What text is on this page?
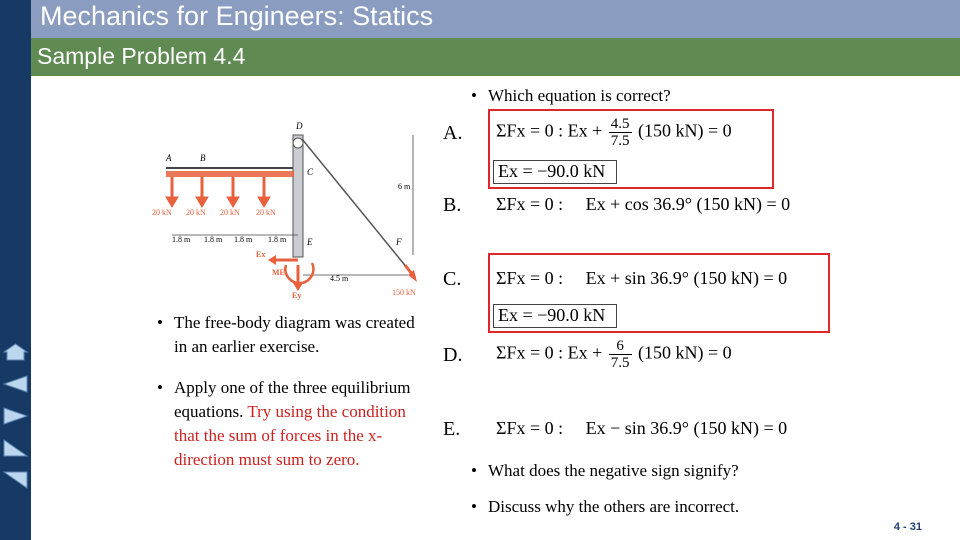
Mechanics for Engineers: Statics
Sample Problem 4.4
• Which equation is correct?
D
A	B
C
E	F
20 kN 20 kN 20 kN 20 kN
1.8 m 1.8 m 1.8 m 1.8 m
6 m
4.5 m
150 kN
Ex
ME
Ey
• The free-body diagram was created in an earlier exercise.
• Apply one of the three equilibrium equations. Try using the condition that the sum of forces in the x-direction must sum to zero.
A. ΣFx = 0 : $Ex + \frac{4.5}{7.5} (150$ kN) = 0
Ex = −90.0 kN
B. ΣFx = 0 : Ex + cos 36.9° (150 kN) = 0
C. ΣFx = 0 : Ex + sin 36.9° (150 kN) = 0
Ex = −90.0 kN
D. ΣFx = 0 : $Ex + \frac{6}{7.5} (150$ kN) = 0
E. ΣFx = 0 : Ex − sin 36.9° (150 kN) = 0
• What does the negative sign signify?
• Discuss why the others are incorrect.
4 - 31
